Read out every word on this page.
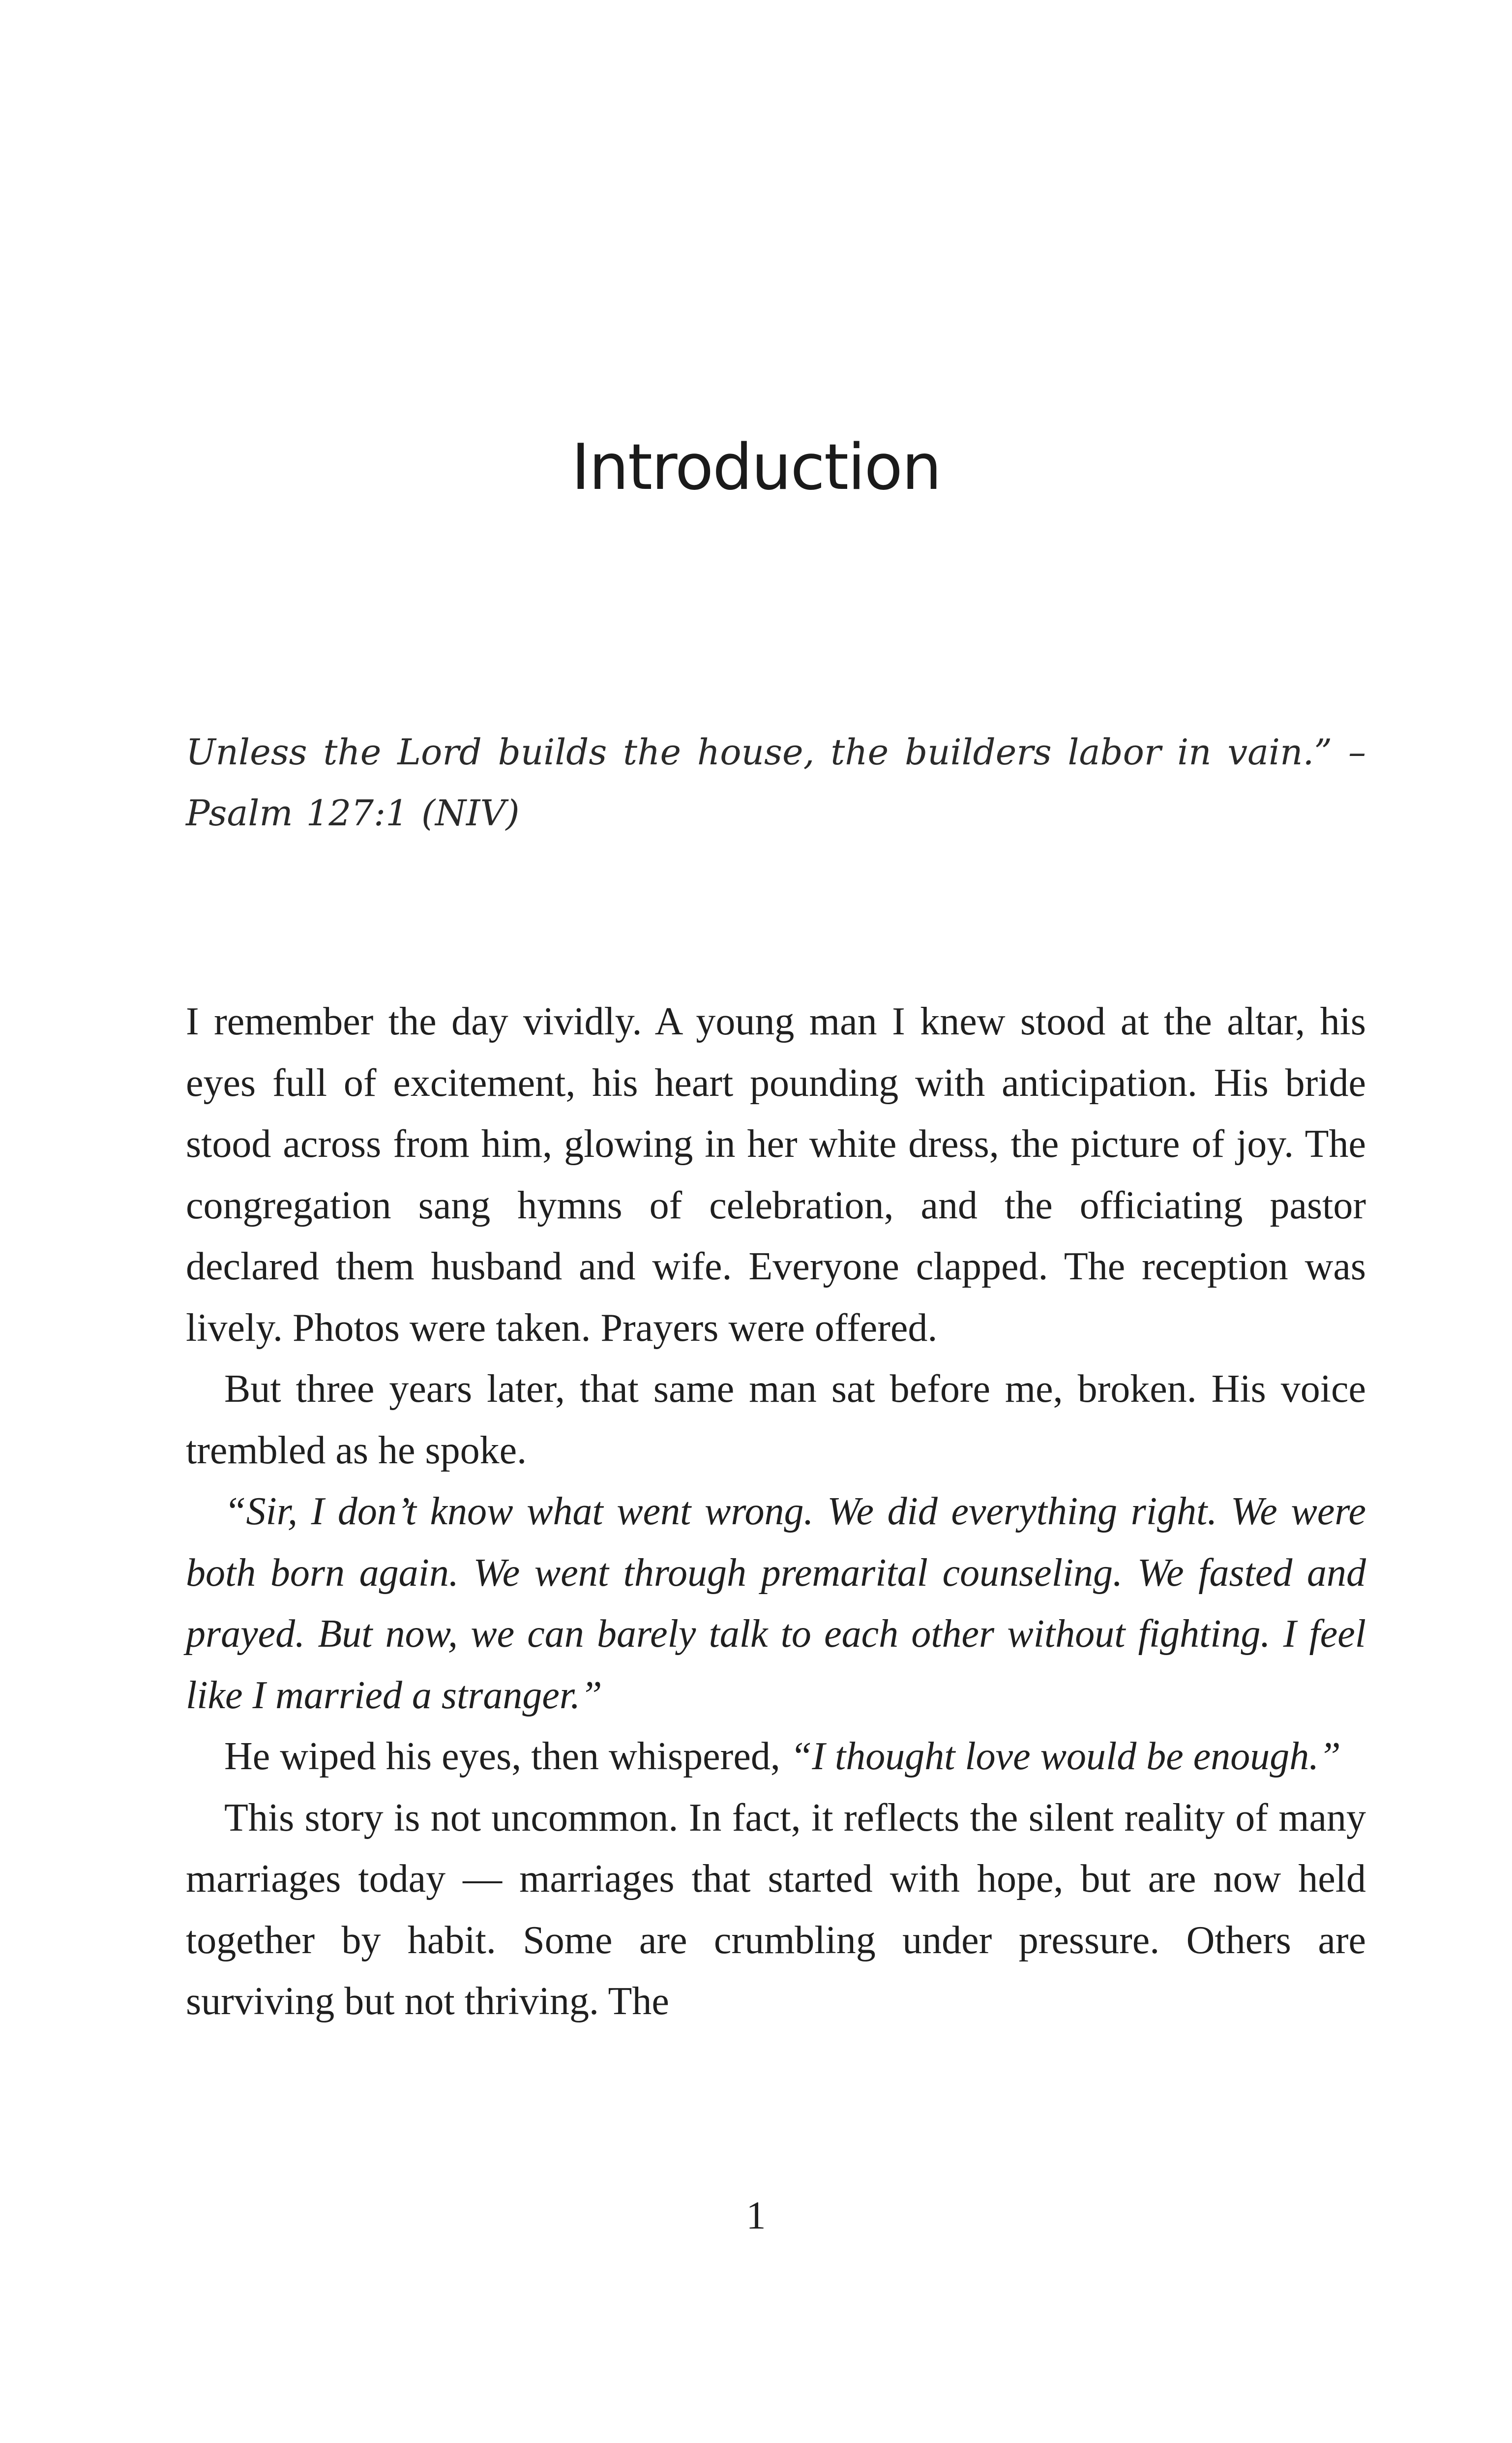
Introduction

Unless the Lord builds the house, the builders labor in vain.” – Psalm 127:1 (NIV)

I remember the day vividly. A young man I knew stood at the altar, his eyes full of excitement, his heart pounding with anticipation. His bride stood across from him, glowing in her white dress, the picture of joy. The congregation sang hymns of celebration, and the officiating pastor declared them husband and wife. Everyone clapped. The reception was lively. Photos were taken. Prayers were offered.

But three years later, that same man sat before me, broken. His voice trembled as he spoke.

“Sir, I don’t know what went wrong. We did everything right. We were both born again. We went through premarital counseling. We fasted and prayed. But now, we can barely talk to each other without fighting. I feel like I married a stranger.”

He wiped his eyes, then whispered, “I thought love would be enough.”

This story is not uncommon. In fact, it reflects the silent reality of many marriages today — marriages that started with hope, but are now held together by habit. Some are crumbling under pressure. Others are surviving but not thriving. The

1
